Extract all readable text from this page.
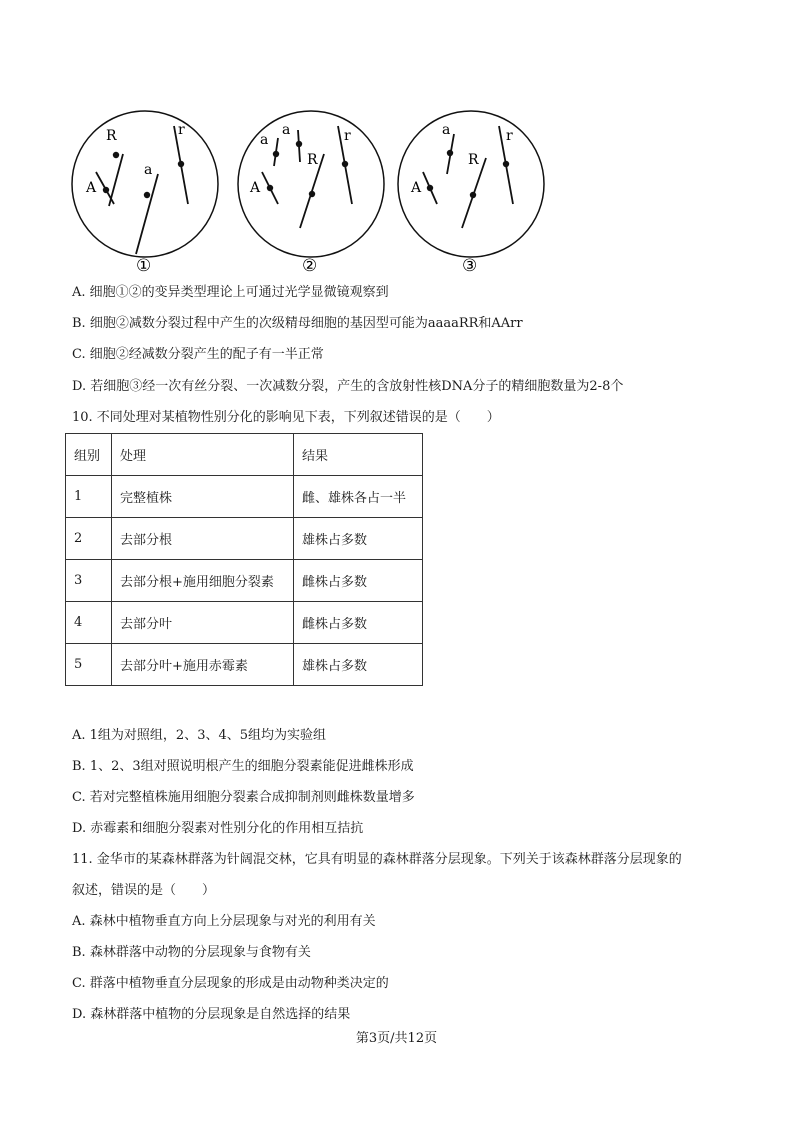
R
A
a
r
a
a
A
R
r	a
A
R
r
①	②	③
A. 细胞①②的变异类型理论上可通过光学显微镜观察到
B. 细胞②减数分裂过程中产生的次级精母细胞的基因型可能为aaaaRR和AArr
C. 细胞②经减数分裂产生的配子有一半正常
D. 若细胞③经一次有丝分裂、一次减数分裂，产生的含放射性核DNA分子的精细胞数量为2-8个
10. 不同处理对某植物性别分化的影响见下表，下列叙述错误的是（　　）
组别	处理	结果
1	完整植株	雌、雄株各占一半
2	去部分根	雄株占多数
3	去部分根+施用细胞分裂素	雌株占多数
4	去部分叶	雌株占多数
5	去部分叶+施用赤霉素	雄株占多数
A. 1组为对照组，2、3、4、5组均为实验组
B. 1、2、3组对照说明根产生的细胞分裂素能促进雌株形成
C. 若对完整植株施用细胞分裂素合成抑制剂则雌株数量增多
D. 赤霉素和细胞分裂素对性别分化的作用相互拮抗
11. 金华市的某森林群落为针阔混交林，它具有明显的森林群落分层现象。下列关于该森林群落分层现象的
叙述，错误的是（　　）
A. 森林中植物垂直方向上分层现象与对光的利用有关
B. 森林群落中动物的分层现象与食物有关
C. 群落中植物垂直分层现象的形成是由动物种类决定的
D. 森林群落中植物的分层现象是自然选择的结果
第3页/共12页
